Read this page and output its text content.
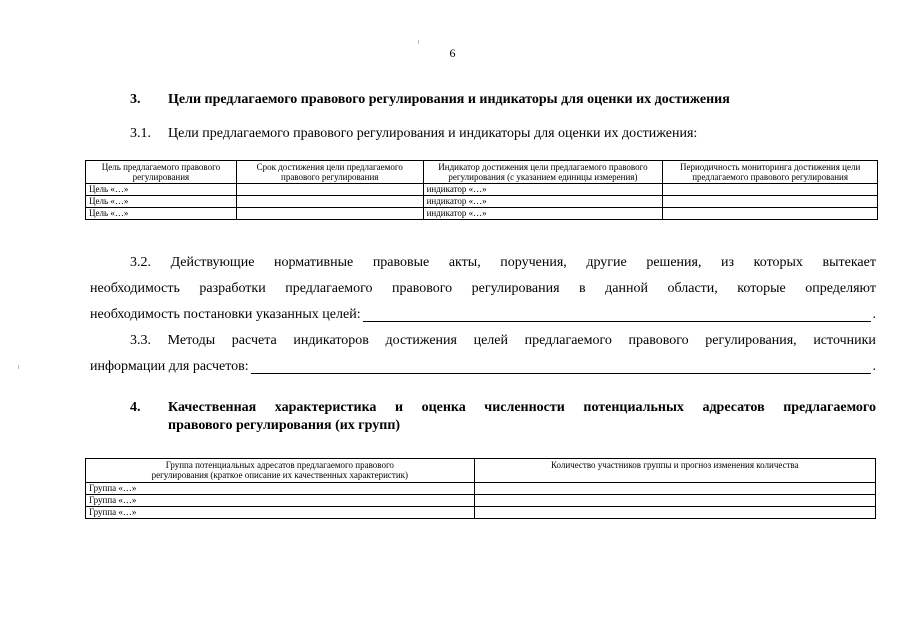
6
3. Цели предлагаемого правового регулирования и индикаторы для оценки их достижения
3.1. Цели предлагаемого правового регулирования и индикаторы для оценки их достижения:
Цель предлагаемого правового регулирования	Срок достижения цели предлагаемого правового регулирования	Индикатор достижения цели предлагаемого правового регулирования (с указанием единицы измерения)	Периодичность мониторинга достижения цели предлагаемого правового регулирования
Цель «…»		индикатор «…»	
Цель «…»		индикатор «…»	
Цель «…»		индикатор «…»	
3.2. Действующие нормативные правовые акты, поручения, другие решения, из которых вытекает
необходимость разработки предлагаемого правового регулирования в данной области, которые определяют
необходимость постановки указанных целей:	.
3.3. Методы расчета индикаторов достижения целей предлагаемого правового регулирования, источники
информации для расчетов:	.
4. Качественная характеристика и оценка численности потенциальных адресатов предлагаемого
правового регулирования (их групп)
Группа потенциальных адресатов предлагаемого правового регулирования (краткое описание их качественных характеристик)	Количество участников группы и прогноз изменения количества
Группа «…»	
Группа «…»	
Группа «…»	
